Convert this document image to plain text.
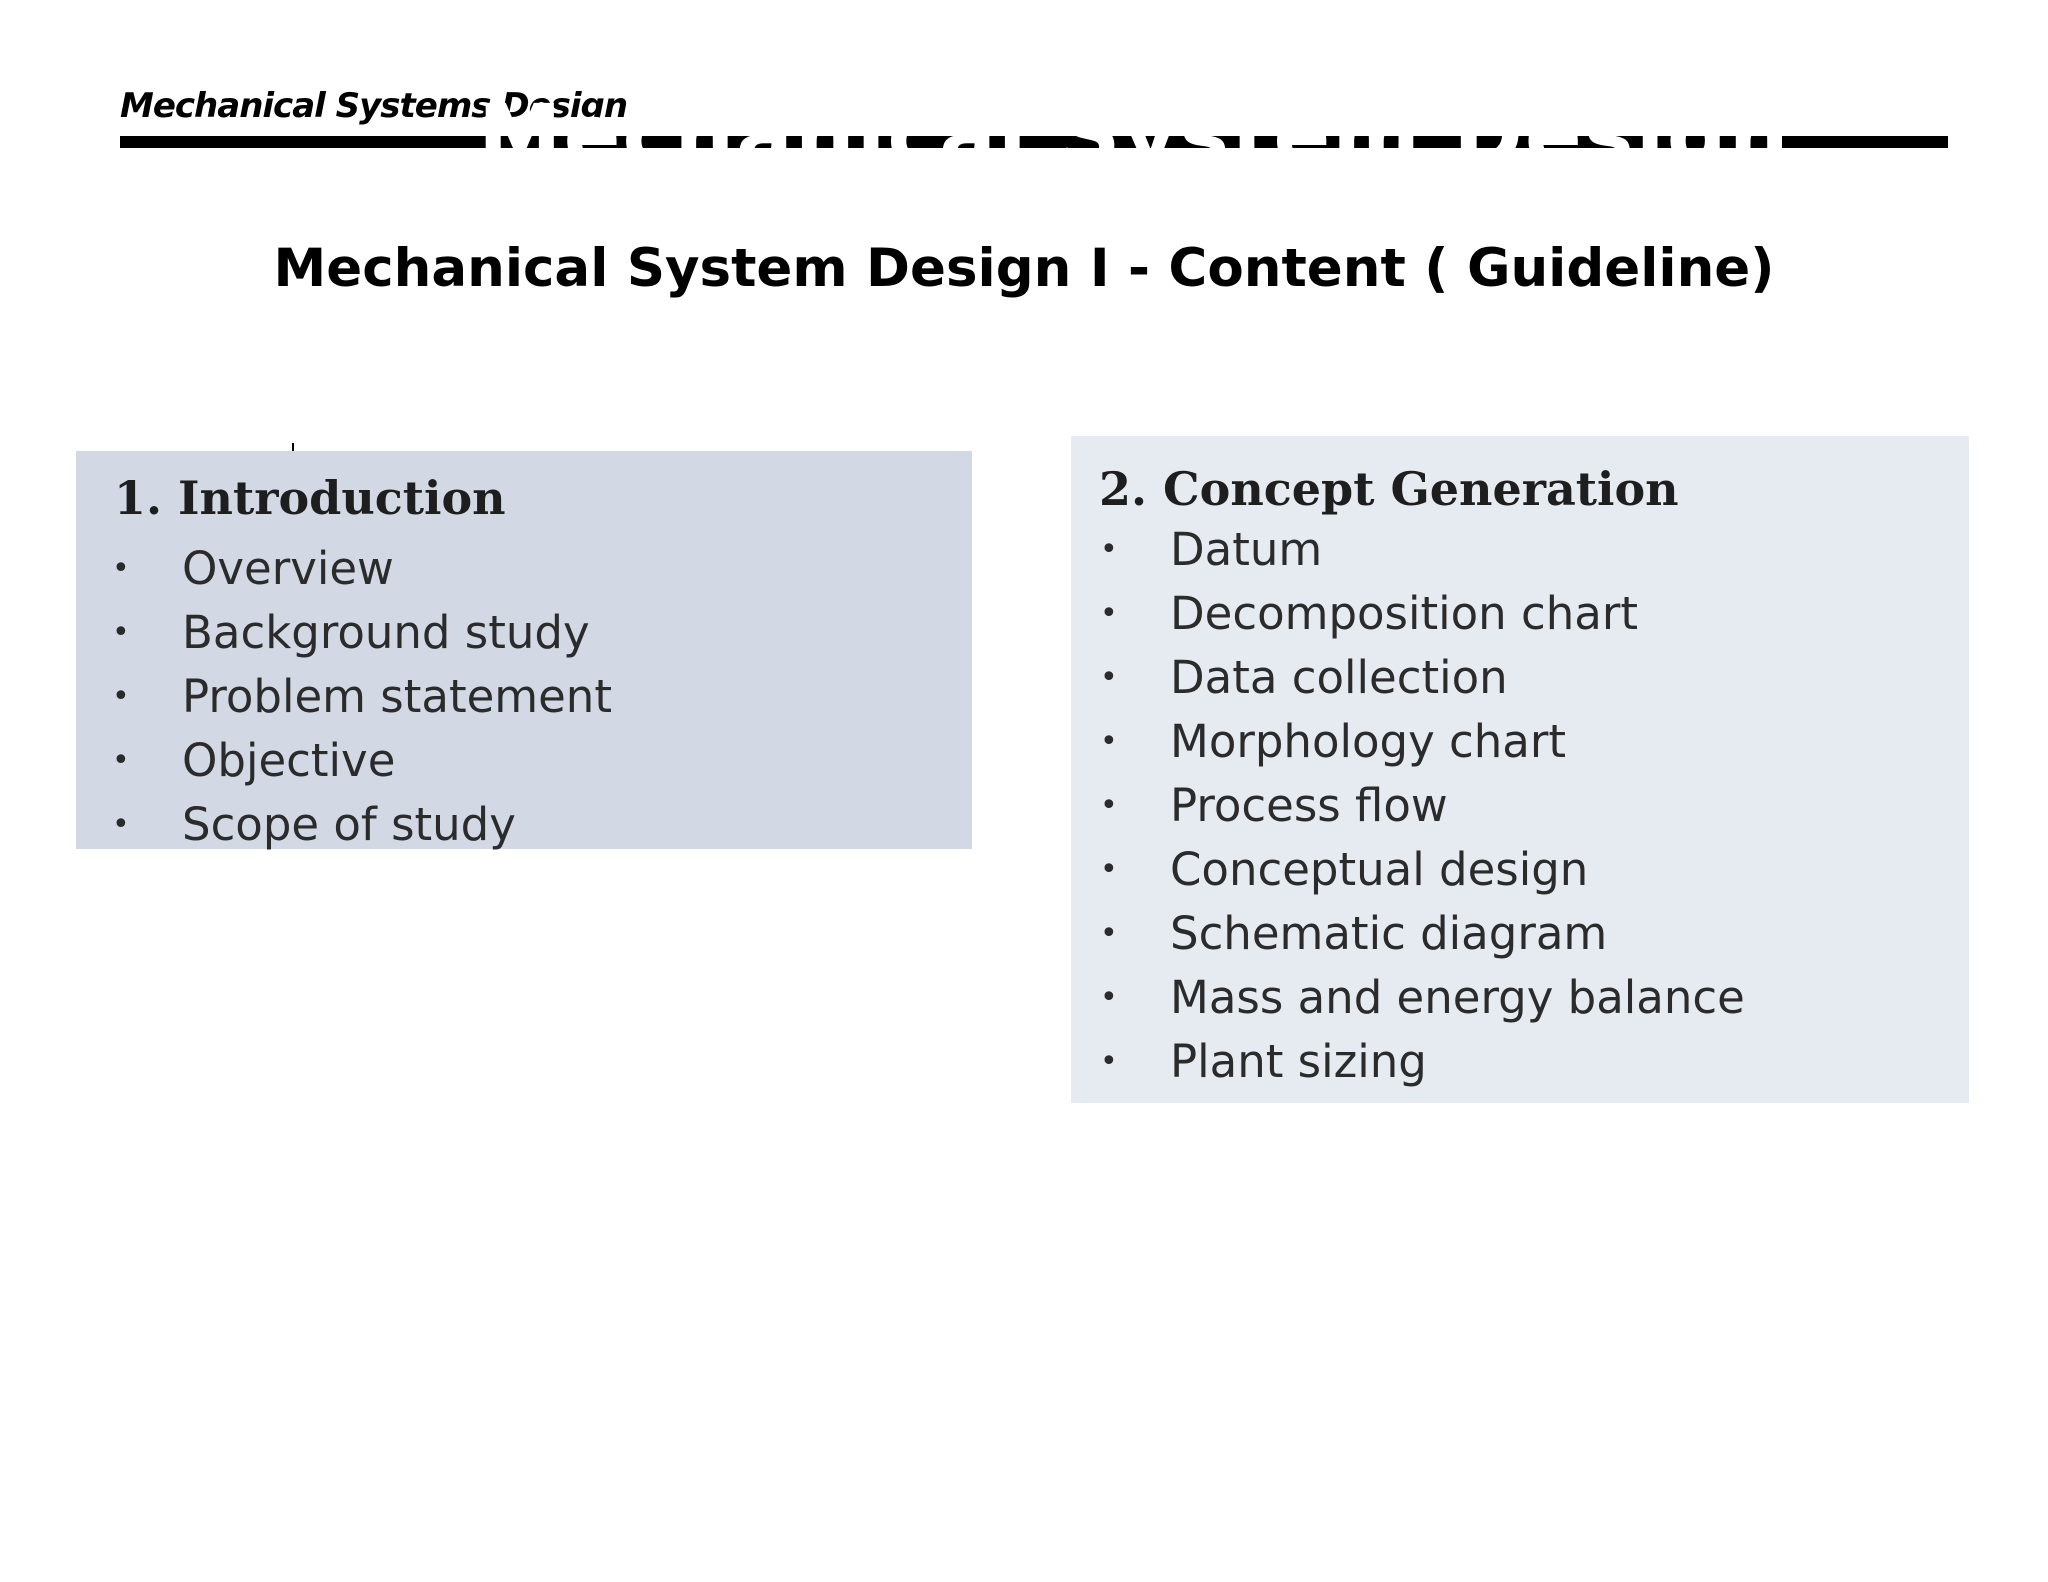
Mechanical Systems Design
Mechanical System Design
Mechanical System Design I - Content ( Guideline)
1. Introduction
• Overview
• Background study
• Problem statement
• Objective
• Scope of study
2. Concept Generation
• Datum
• Decomposition chart
• Data collection
• Morphology chart
• Process flow
• Conceptual design
• Schematic diagram
• Mass and energy balance
• Plant sizing
